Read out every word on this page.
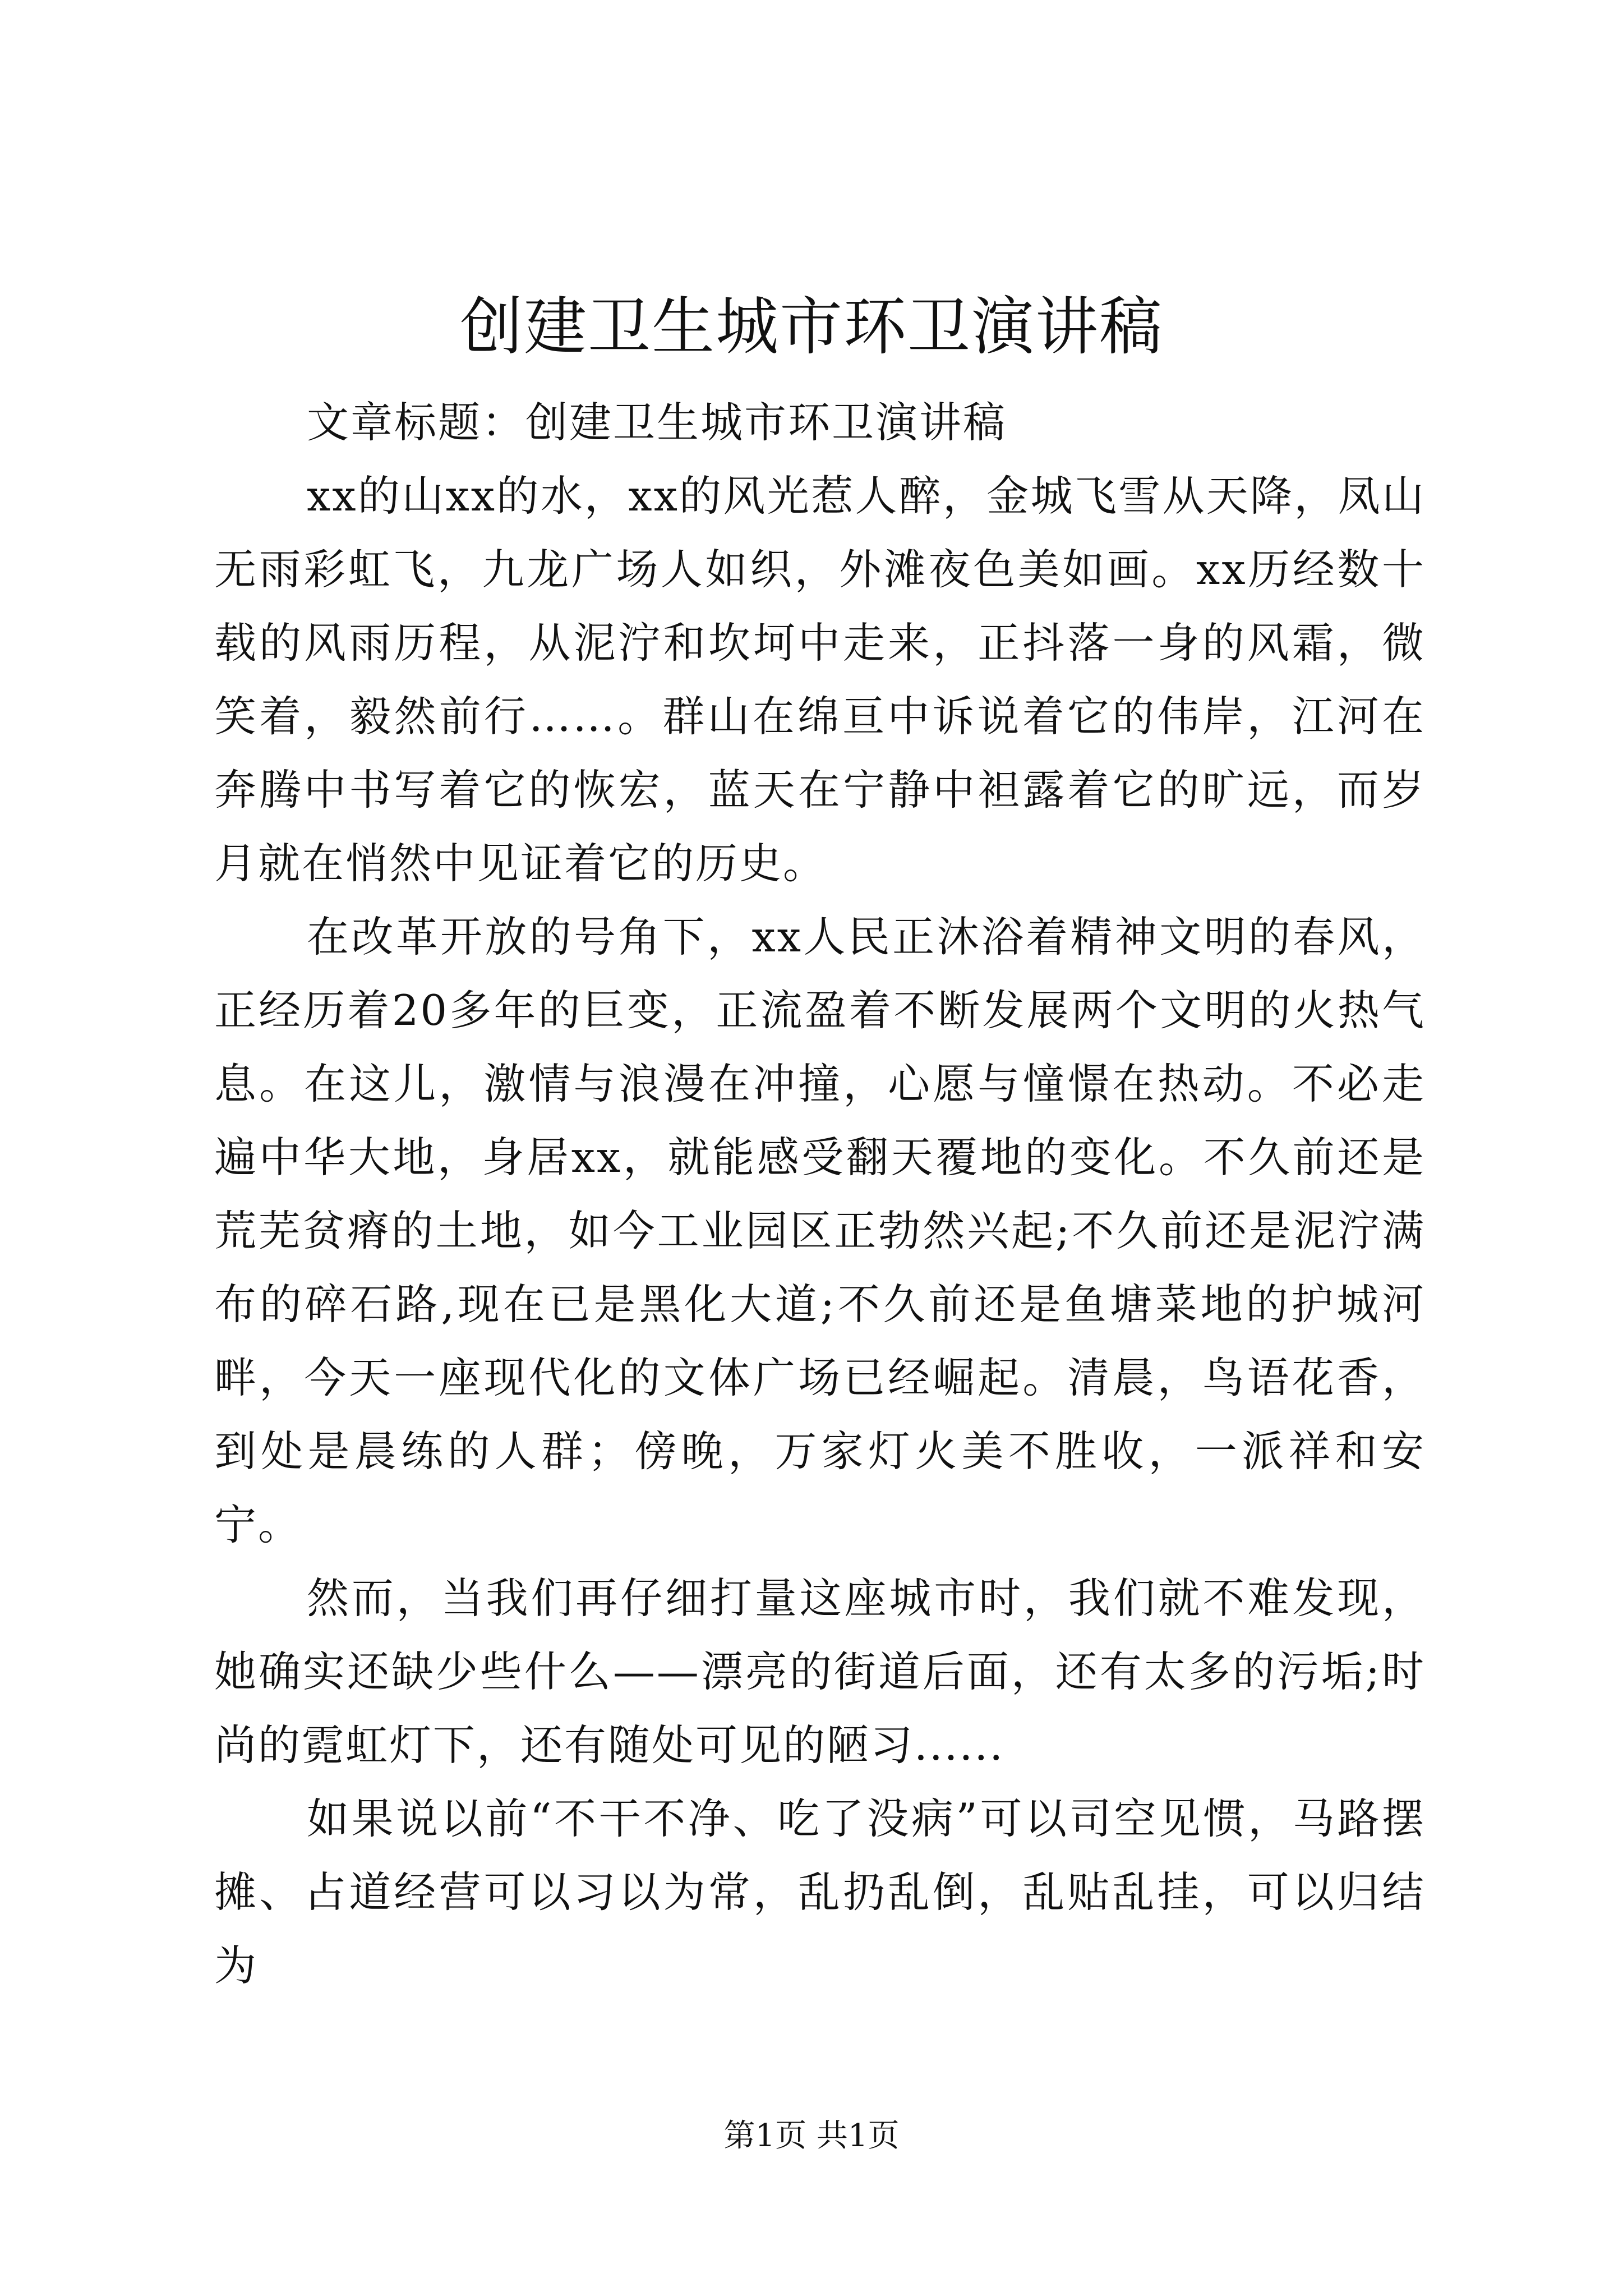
创建卫生城市环卫演讲稿

文章标题：创建卫生城市环卫演讲稿

xx的山xx的水，xx的风光惹人醉，金城飞雪从天降，凤山无雨彩虹飞，九龙广场人如织，外滩夜色美如画。xx历经数十载的风雨历程，从泥泞和坎坷中走来，正抖落一身的风霜，微笑着，毅然前行……。群山在绵亘中诉说着它的伟岸，江河在奔腾中书写着它的恢宏，蓝天在宁静中袒露着它的旷远，而岁月就在悄然中见证着它的历史。

在改革开放的号角下，xx人民正沐浴着精神文明的春风，正经历着20多年的巨变，正流盈着不断发展两个文明的火热气息。在这儿，激情与浪漫在冲撞，心愿与憧憬在热动。不必走遍中华大地，身居xx，就能感受翻天覆地的变化。不久前还是荒芜贫瘠的土地，如今工业园区正勃然兴起;不久前还是泥泞满布的碎石路,现在已是黑化大道;不久前还是鱼塘菜地的护城河畔，今天一座现代化的文体广场已经崛起。清晨，鸟语花香，到处是晨练的人群；傍晚，万家灯火美不胜收，一派祥和安宁。

然而，当我们再仔细打量这座城市时，我们就不难发现，她确实还缺少些什么——漂亮的街道后面，还有太多的污垢;时尚的霓虹灯下，还有随处可见的陋习......

如果说以前“不干不净、吃了没病”可以司空见惯，马路摆摊、占道经营可以习以为常，乱扔乱倒，乱贴乱挂，可以归结为

第1页 共1页
